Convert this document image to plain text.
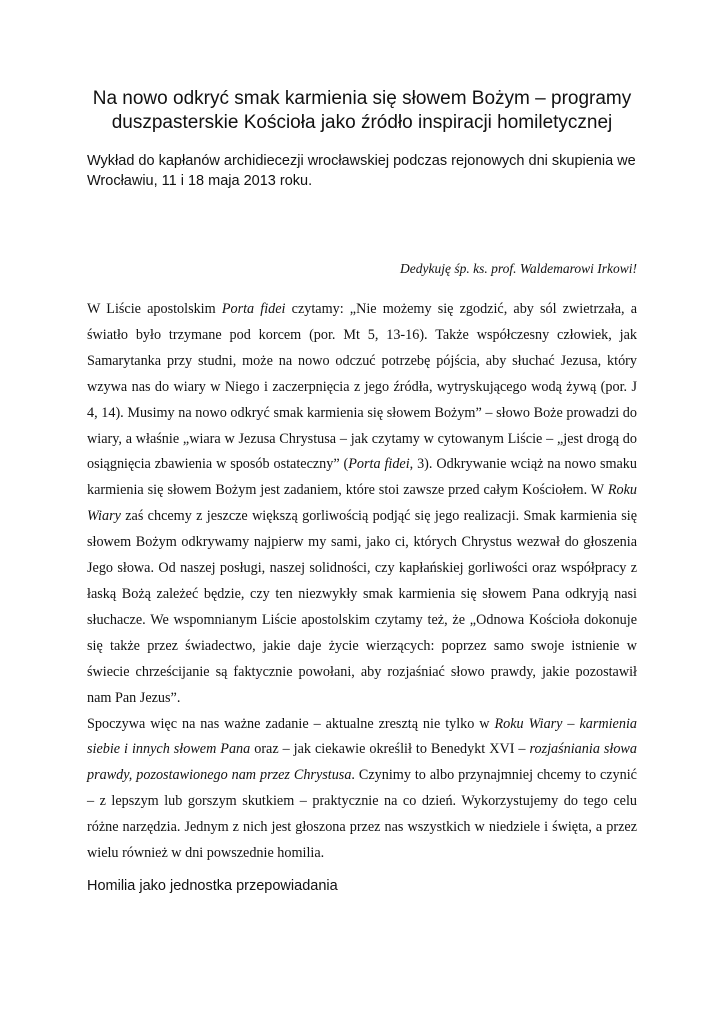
Na nowo odkryć smak karmienia się słowem Bożym – programy duszpasterskie Kościoła jako źródło inspiracji homiletycznej

Wykład do kapłanów archidiecezji wrocławskiej podczas rejonowych dni skupienia we Wrocławiu, 11 i 18 maja 2013 roku.

Dedykuję śp. ks. prof. Waldemarowi Irkowi!

W Liście apostolskim Porta fidei czytamy: „Nie możemy się zgodzić, aby sól zwietrzała, a światło było trzymane pod korcem (por. Mt 5, 13-16). Także współczesny człowiek, jak Samarytanka przy studni, może na nowo odczuć potrzebę pójścia, aby słuchać Jezusa, który wzywa nas do wiary w Niego i zaczerpnięcia z jego źródła, wytryskującego wodą żywą (por. J 4, 14). Musimy na nowo odkryć smak karmienia się słowem Bożym” – słowo Boże prowadzi do wiary, a właśnie „wiara w Jezusa Chrystusa – jak czytamy w cytowanym Liście – „jest drogą do osiągnięcia zbawienia w sposób ostateczny” (Porta fidei, 3). Odkrywanie wciąż na nowo smaku karmienia się słowem Bożym jest zadaniem, które stoi zawsze przed całym Kościołem. W Roku Wiary zaś chcemy z jeszcze większą gorliwością podjąć się jego realizacji. Smak karmienia się słowem Bożym odkrywamy najpierw my sami, jako ci, których Chrystus wezwał do głoszenia Jego słowa. Od naszej posługi, naszej solidności, czy kapłańskiej gorliwości oraz współpracy z łaską Bożą zależeć będzie, czy ten niezwykły smak karmienia się słowem Pana odkryją nasi słuchacze. We wspomnianym Liście apostolskim czytamy też, że „Odnowa Kościoła dokonuje się także przez świadectwo, jakie daje życie wierzących: poprzez samo swoje istnienie w świecie chrześcijanie są faktycznie powołani, aby rozjaśniać słowo prawdy, jakie pozostawił nam Pan Jezus”.

Spoczywa więc na nas ważne zadanie – aktualne zresztą nie tylko w Roku Wiary – karmienia siebie i innych słowem Pana oraz – jak ciekawie określił to Benedykt XVI – rozjaśniania słowa prawdy, pozostawionego nam przez Chrystusa. Czynimy to albo przynajmniej chcemy to czynić – z lepszym lub gorszym skutkiem – praktycznie na co dzień. Wykorzystujemy do tego celu różne narzędzia. Jednym z nich jest głoszona przez nas wszystkich w niedziele i święta, a przez wielu również w dni powszednie homilia.

Homilia jako jednostka przepowiadania
